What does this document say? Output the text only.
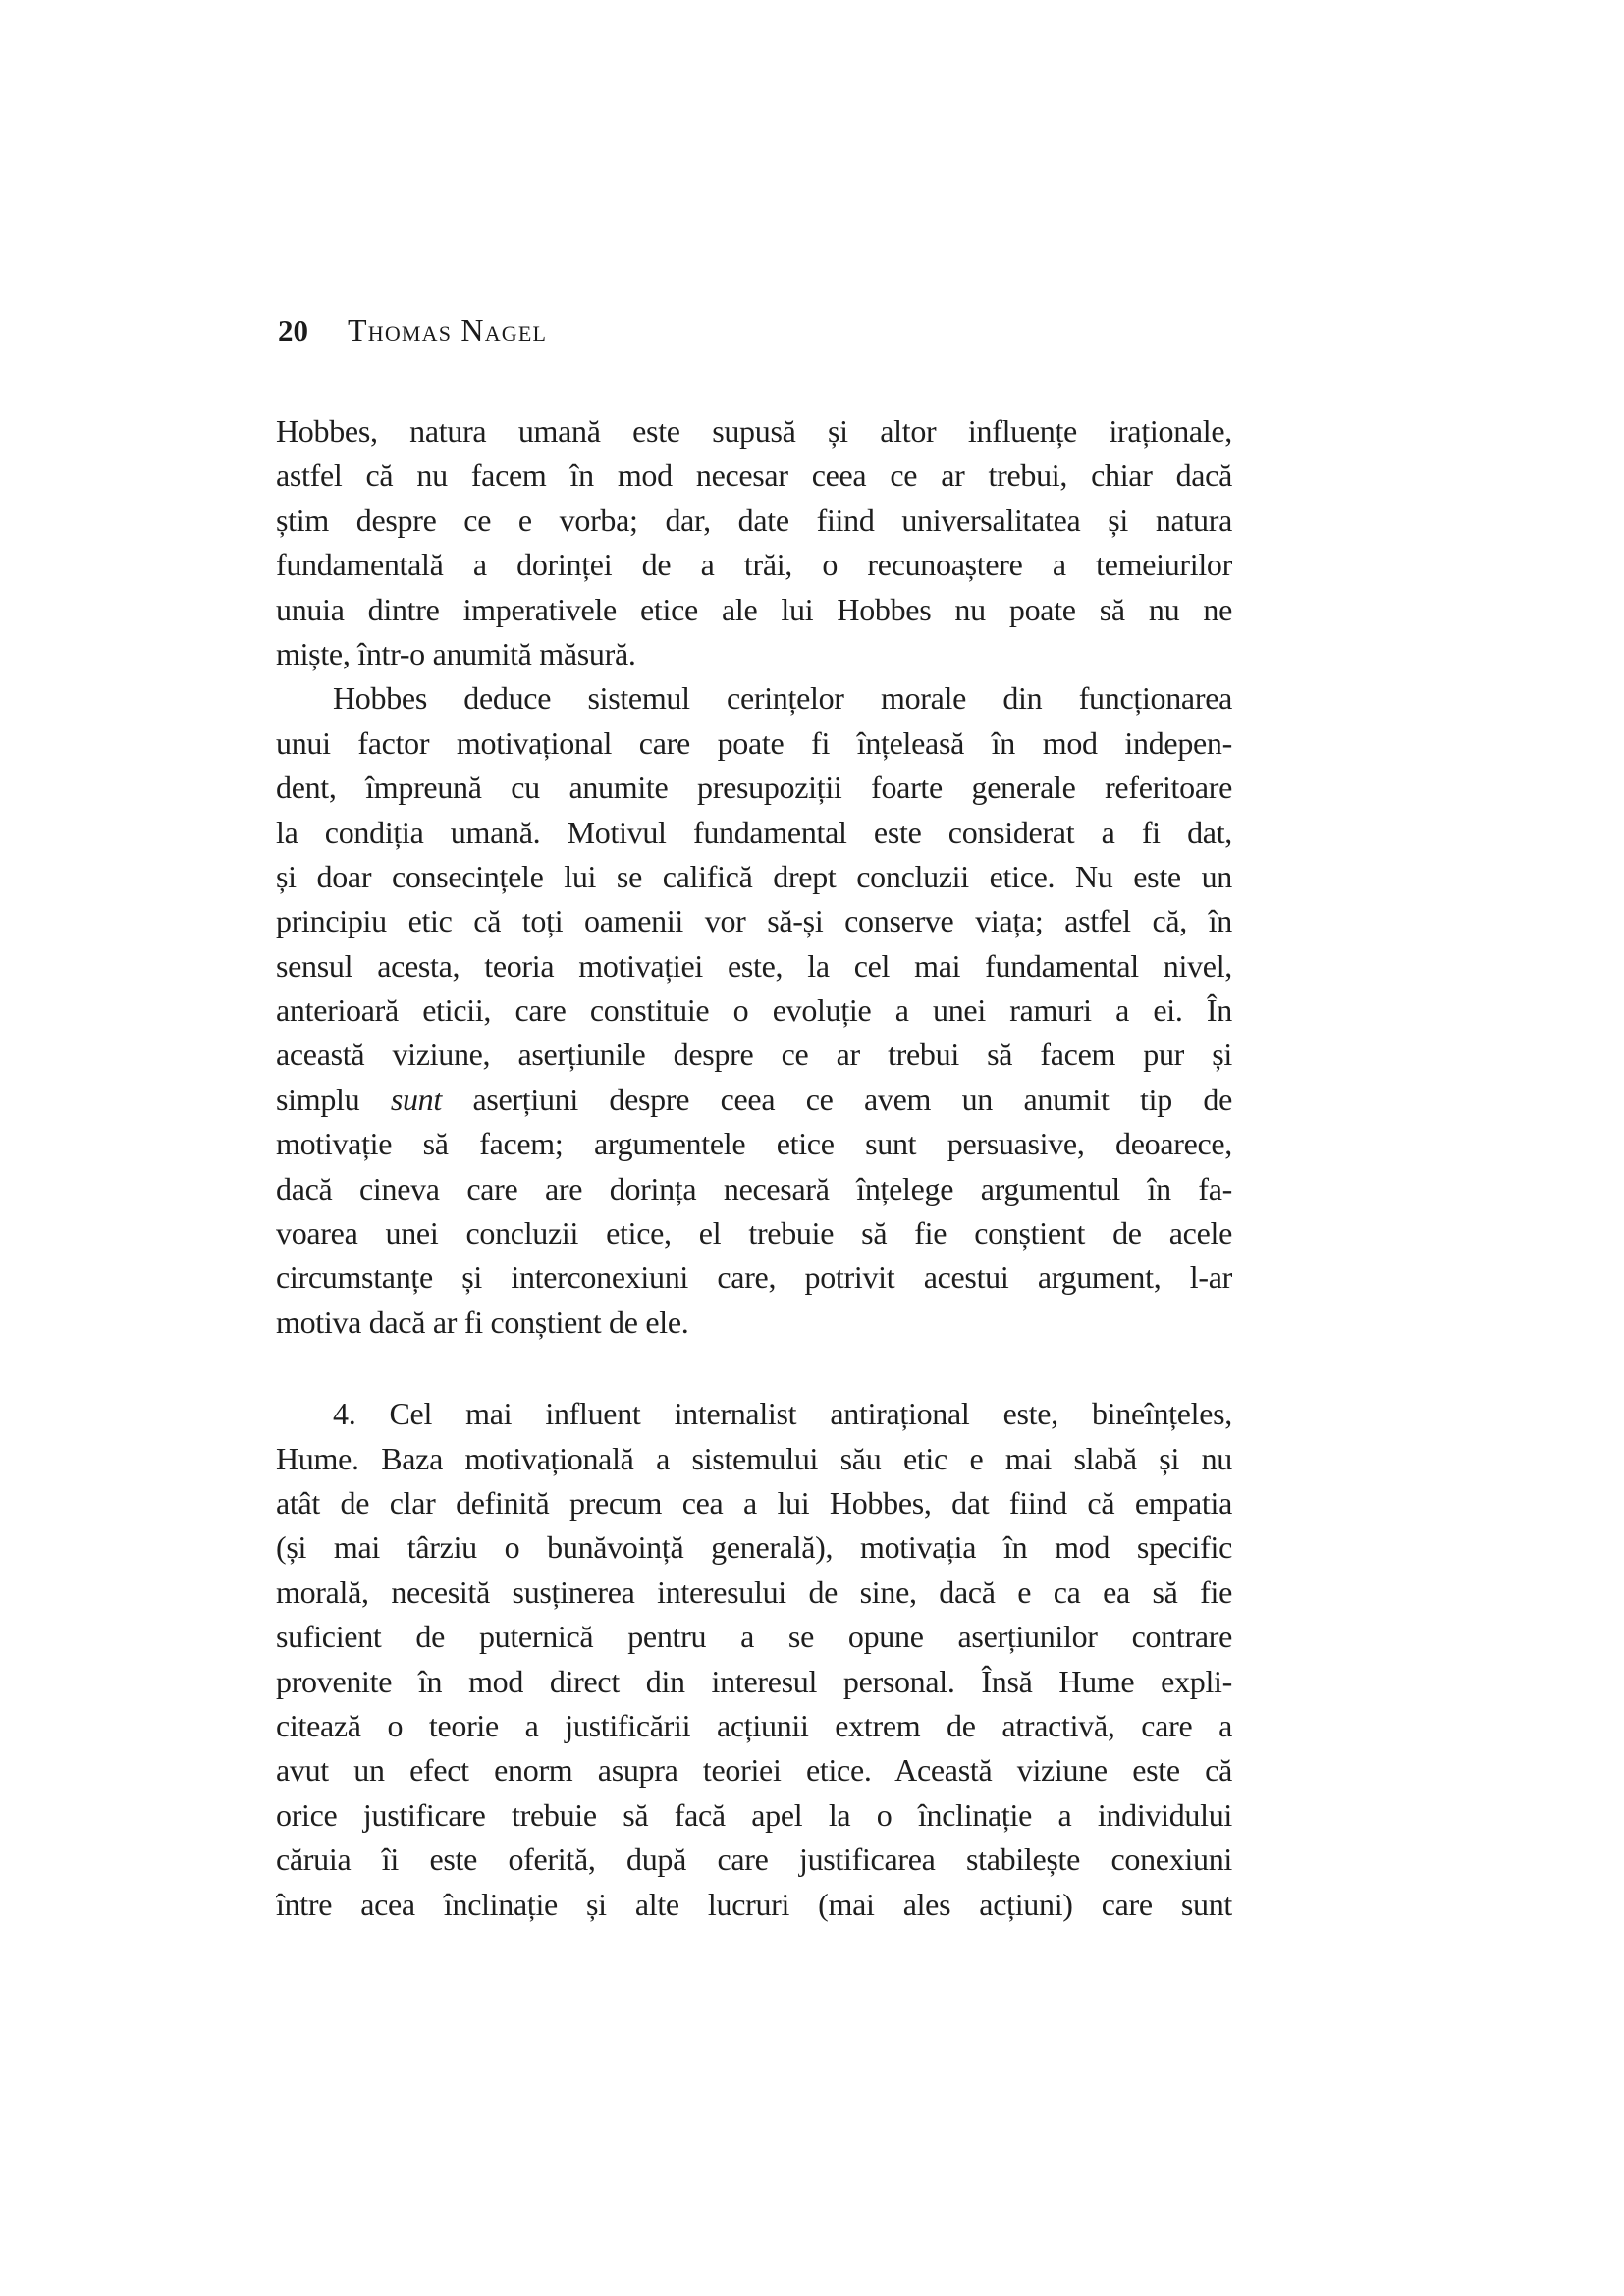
20 Thomas Nagel
Hobbes, natura umană este supusă și altor influențe iraționale,
astfel că nu facem în mod necesar ceea ce ar trebui, chiar dacă
știm despre ce e vorba; dar, date fiind universalitatea și natura
fundamentală a dorinței de a trăi, o recunoaștere a temeiurilor
unuia dintre imperativele etice ale lui Hobbes nu poate să nu ne
miște, într-o anumită măsură.
Hobbes deduce sistemul cerințelor morale din funcționarea
unui factor motivațional care poate fi înțeleasă în mod indepen-
dent, împreună cu anumite presupoziții foarte generale referitoare
la condiția umană. Motivul fundamental este considerat a fi dat,
și doar consecințele lui se califică drept concluzii etice. Nu este un
principiu etic că toți oamenii vor să-și conserve viața; astfel că, în
sensul acesta, teoria motivației este, la cel mai fundamental nivel,
anterioară eticii, care constituie o evoluție a unei ramuri a ei. În
această viziune, aserțiunile despre ce ar trebui să facem pur și
simplu sunt aserțiuni despre ceea ce avem un anumit tip de
motivație să facem; argumentele etice sunt persuasive, deoarece,
dacă cineva care are dorința necesară înțelege argumentul în fa-
voarea unei concluzii etice, el trebuie să fie conștient de acele
circumstanțe și interconexiuni care, potrivit acestui argument, l-ar
motiva dacă ar fi conștient de ele.
4. Cel mai influent internalist antirațional este, bineînțeles,
Hume. Baza motivațională a sistemului său etic e mai slabă și nu
atât de clar definită precum cea a lui Hobbes, dat fiind că empatia
(și mai târziu o bunăvoință generală), motivația în mod specific
morală, necesită susținerea interesului de sine, dacă e ca ea să fie
suficient de puternică pentru a se opune aserțiunilor contrare
provenite în mod direct din interesul personal. Însă Hume expli-
citează o teorie a justificării acțiunii extrem de atractivă, care a
avut un efect enorm asupra teoriei etice. Această viziune este că
orice justificare trebuie să facă apel la o înclinație a individului
căruia îi este oferită, după care justificarea stabilește conexiuni
între acea înclinație și alte lucruri (mai ales acțiuni) care sunt
